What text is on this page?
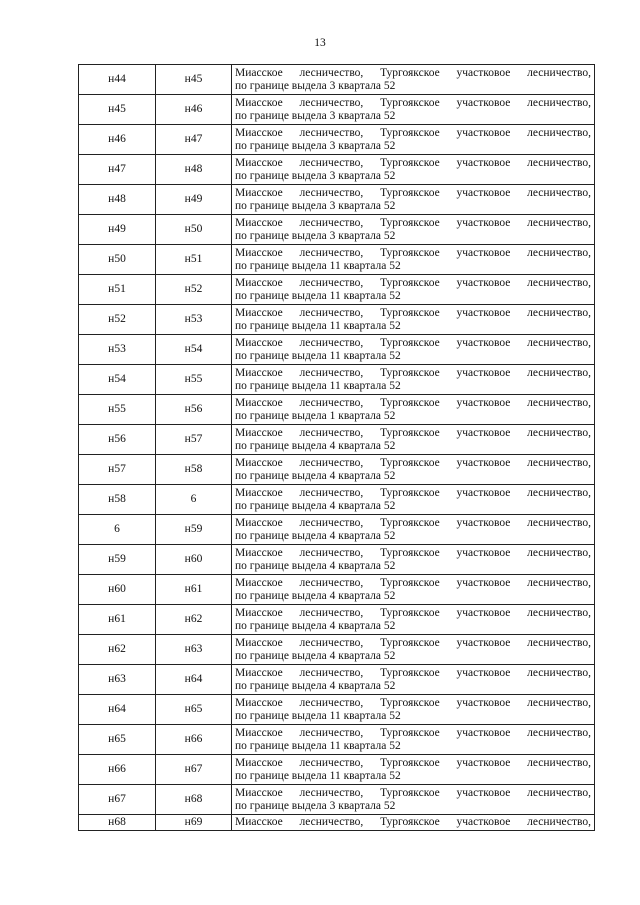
13
н44	н45	Миасское лесничество, Тургоякское участковое лесничество,
по границе выдела 3 квартала 52

н45	н46	Миасское лесничество, Тургоякское участковое лесничество,
по границе выдела 3 квартала 52

н46	н47	Миасское лесничество, Тургоякское участковое лесничество,
по границе выдела 3 квартала 52

н47	н48	Миасское лесничество, Тургоякское участковое лесничество,
по границе выдела 3 квартала 52

н48	н49	Миасское лесничество, Тургоякское участковое лесничество,
по границе выдела 3 квартала 52

н49	н50	Миасское лесничество, Тургоякское участковое лесничество,
по границе выдела 3 квартала 52

н50	н51	Миасское лесничество, Тургоякское участковое лесничество,
по границе выдела 11 квартала 52

н51	н52	Миасское лесничество, Тургоякское участковое лесничество,
по границе выдела 11 квартала 52

н52	н53	Миасское лесничество, Тургоякское участковое лесничество,
по границе выдела 11 квартала 52

н53	н54	Миасское лесничество, Тургоякское участковое лесничество,
по границе выдела 11 квартала 52

н54	н55	Миасское лесничество, Тургоякское участковое лесничество,
по границе выдела 11 квартала 52

н55	н56	Миасское лесничество, Тургоякское участковое лесничество,
по границе выдела 1 квартала 52

н56	н57	Миасское лесничество, Тургоякское участковое лесничество,
по границе выдела 4 квартала 52

н57	н58	Миасское лесничество, Тургоякское участковое лесничество,
по границе выдела 4 квартала 52

н58	6	Миасское лесничество, Тургоякское участковое лесничество,
по границе выдела 4 квартала 52

6	н59	Миасское лесничество, Тургоякское участковое лесничество,
по границе выдела 4 квартала 52

н59	н60	Миасское лесничество, Тургоякское участковое лесничество,
по границе выдела 4 квартала 52

н60	н61	Миасское лесничество, Тургоякское участковое лесничество,
по границе выдела 4 квартала 52

н61	н62	Миасское лесничество, Тургоякское участковое лесничество,
по границе выдела 4 квартала 52

н62	н63	Миасское лесничество, Тургоякское участковое лесничество,
по границе выдела 4 квартала 52

н63	н64	Миасское лесничество, Тургоякское участковое лесничество,
по границе выдела 4 квартала 52

н64	н65	Миасское лесничество, Тургоякское участковое лесничество,
по границе выдела 11 квартала 52

н65	н66	Миасское лесничество, Тургоякское участковое лесничество,
по границе выдела 11 квартала 52

н66	н67	Миасское лесничество, Тургоякское участковое лесничество,
по границе выдела 11 квартала 52

н67	н68	Миасское лесничество, Тургоякское участковое лесничество,
по границе выдела 3 квартала 52

н68	н69	Миасское лесничество, Тургоякское участковое лесничество,
